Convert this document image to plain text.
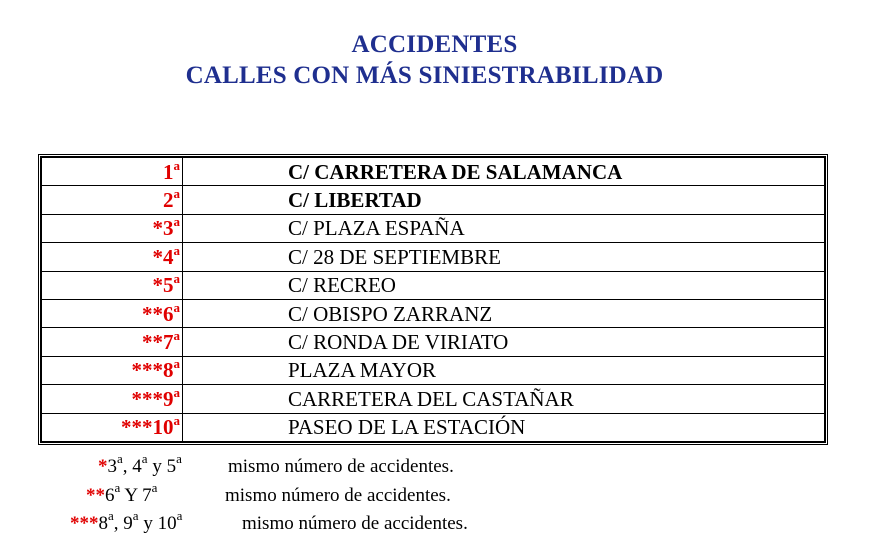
ACCIDENTES
CALLES CON MÁS SINIESTRABILIDAD
1$^a$	C/ CARRETERA DE SALAMANCA
2$^a$	C/ LIBERTAD
*3$^a$	C/ PLAZA ESPAÑA
*4$^a$	C/ 28 DE SEPTIEMBRE
*5$^a$	C/ RECREO
**6$^a$	C/ OBISPO ZARRANZ
**7$^a$	C/ RONDA DE VIRIATO
***8$^a$	PLAZA MAYOR
***9$^a$	CARRETERA DEL CASTAÑAR
***10$^a$	PASEO DE LA ESTACIÓN
*3$^a$, 4$^a$ y 5$^a$ mismo número de accidentes.
**6$^a$ Y 7$^a$	mismo número de accidentes.
***8$^a$, 9$^a$ y 10$^a$	mismo número de accidentes.
